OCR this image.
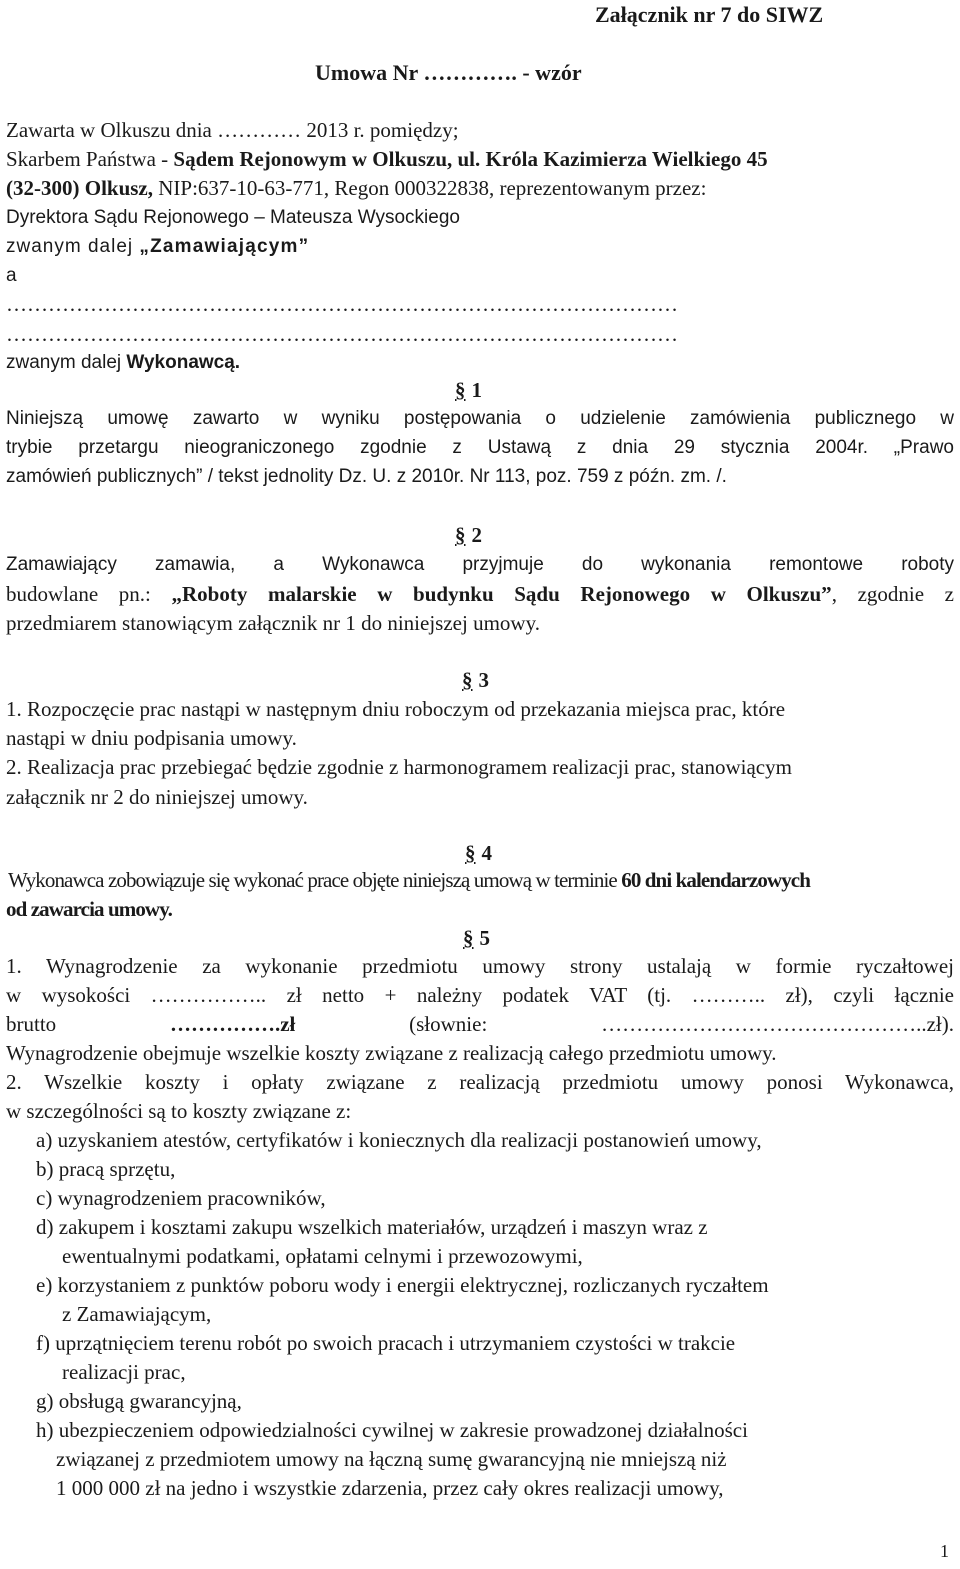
Załącznik nr 7 do SIWZ
Umowa Nr …………. - wzór
Zawarta w Olkuszu dnia ………… 2013 r. pomiędzy;
Skarbem Państwa - Sądem Rejonowym w Olkuszu, ul. Króla Kazimierza Wielkiego 45
(32-300) Olkusz, NIP:637-10-63-771, Regon 000322838, reprezentowanym przez:
Dyrektora Sądu Rejonowego – Mateusza Wysockiego
zwanym dalej „Zamawiającym”
a
……………………………………………………………………………………
……………………………………………………………………………………
zwanym dalej Wykonawcą.
§ 1
Niniejszą umowę zawarto w wyniku postępowania o udzielenie zamówienia publicznego w
trybie przetargu nieograniczonego zgodnie z Ustawą z dnia 29 stycznia 2004r. „Prawo
zamówień publicznych” / tekst jednolity Dz. U. z 2010r. Nr 113, poz. 759 z późn. zm. /.
§ 2
Zamawiający zamawia, a Wykonawca przyjmuje do wykonania remontowe roboty
budowlane pn.: „Roboty malarskie w budynku Sądu Rejonowego w Olkuszu”, zgodnie z
przedmiarem stanowiącym załącznik nr 1 do niniejszej umowy.
§ 3
1. Rozpoczęcie prac nastąpi w następnym dniu roboczym od przekazania miejsca prac, które
nastąpi w dniu podpisania umowy.
2. Realizacja prac przebiegać będzie zgodnie z harmonogramem realizacji prac, stanowiącym
załącznik nr 2 do niniejszej umowy.
§ 4
Wykonawca zobowiązuje się wykonać prace objęte niniejszą umową w terminie 60 dni kalendarzowych
od zawarcia umowy.
§ 5
1. Wynagrodzenie za wykonanie przedmiotu umowy strony ustalają w formie ryczałtowej
w wysokości …………….. zł netto + należny podatek VAT (tj. ……….. zł), czyli łącznie
brutto	…………….zł	(słownie:	………………………………………..zł).
Wynagrodzenie obejmuje wszelkie koszty związane z realizacją całego przedmiotu umowy.
2. Wszelkie koszty i opłaty związane z realizacją przedmiotu umowy ponosi Wykonawca,
w szczególności są to koszty związane z:
a) uzyskaniem atestów, certyfikatów i koniecznych dla realizacji postanowień umowy,
b) pracą sprzętu,
c) wynagrodzeniem pracowników,
d) zakupem i kosztami zakupu wszelkich materiałów, urządzeń i maszyn wraz z
ewentualnymi podatkami, opłatami celnymi i przewozowymi,
e) korzystaniem z punktów poboru wody i energii elektrycznej, rozliczanych ryczałtem
z Zamawiającym,
f) uprzątnięciem terenu robót po swoich pracach i utrzymaniem czystości w trakcie
realizacji prac,
g) obsługą gwarancyjną,
h) ubezpieczeniem odpowiedzialności cywilnej w zakresie prowadzonej działalności
związanej z przedmiotem umowy na łączną sumę gwarancyjną nie mniejszą niż
1 000 000 zł na jedno i wszystkie zdarzenia, przez cały okres realizacji umowy,
1
